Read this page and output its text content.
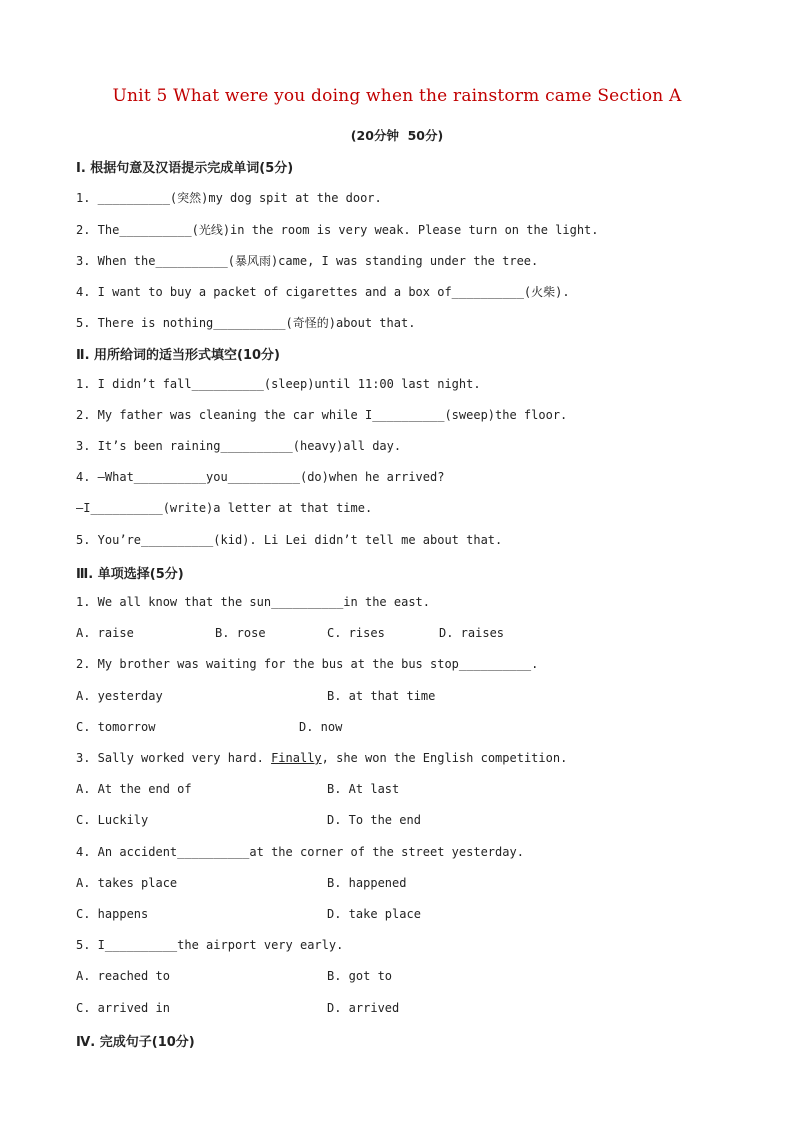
Unit 5 What were you doing when the rainstorm came Section A
(20分钟  50分)
Ⅰ. 根据句意及汉语提示完成单词(5分)
1. __________(突然)my dog spit at the door.
2. The__________(光线)in the room is very weak. Please turn on the light.
3. When the__________(暴风雨)came, I was standing under the tree.
4. I want to buy a packet of cigarettes and a box of__________(火柴).
5. There is nothing__________(奇怪的)about that.
Ⅱ. 用所给词的适当形式填空(10分)
1. I didn’t fall__________(sleep)until 11:00 last night.
2. My father was cleaning the car while I__________(sweep)the floor.
3. It’s been raining__________(heavy)all day.
4. —What__________you__________(do)when he arrived?
—I__________(write)a letter at that time.
5. You’re__________(kid). Li Lei didn’t tell me about that.
Ⅲ. 单项选择(5分)
1. We all know that the sun__________in the east.
A. raise	B. rose	C. rises	D. raises
2. My brother was waiting for the bus at the bus stop__________.
A. yesterday	B. at that time
C. tomorrow	D. now
3. Sally worked very hard. Finally, she won the English competition.
A. At the end of	B. At last
C. Luckily	D. To the end
4. An accident__________at the corner of the street yesterday.
A. takes place	B. happened
C. happens	D. take place
5. I__________the airport very early.
A. reached to	B. got to
C. arrived in	D. arrived
Ⅳ. 完成句子(10分)
